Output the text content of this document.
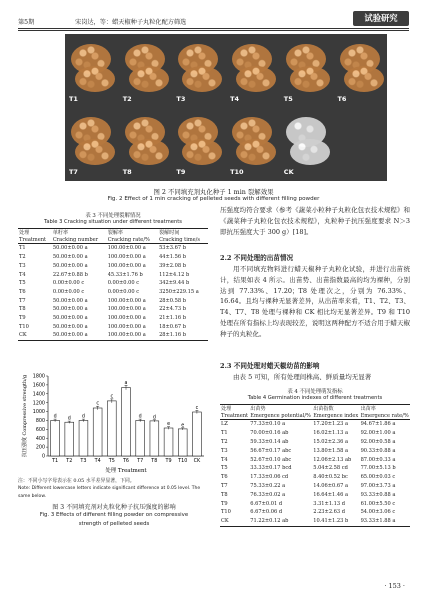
第5期	宋岗达，等：蜡天椒种子丸粒化配方筛选	试验研究
T1	T2	T3	T4	T5	T6
T7	T8	T9	T10	CK
图 2 不同填充剂丸化种子 1 min 裂解效果
Fig. 2 Effect of 1 min cracking of pelleted seeds with different filling powder
表 3 不同处理裂解情况
Table 3 Cracking situation under different treatments
处理	单籽率	裂解率	裂解时间
Treatment	Cracking number	Cracking rate/%	Cracking time/s
T1	50.00±0.00 a	100.00±0.00 a	53±3.67 b
T2	50.00±0.00 a	100.00±0.00 a	44±1.56 b
T3	50.00±0.00 a	100.00±0.00 a	39±2.08 b
T4	22.67±0.88 b	45.33±1.76 b	112±4.12 b
T5	0.00±0.00 c	0.00±0.00 c	342±9.44 b
T6	0.00±0.00 c	0.00±0.00 c	3250±229.15 a
T7	50.00±0.00 a	100.00±0.00 a	28±0.58 b
T8	50.00±0.00 a	100.00±0.00 a	22±4.73 b
T9	50.00±0.00 a	100.00±0.00 a	21±1.16 b
T10	50.00±0.00 a	100.00±0.00 a	18±0.67 b
CK	50.00±0.00 a	100.00±0.00 a	28±1.16 b
0
200
400
600
800
1000
1200
1400
1600
1800
d
T1
d
T2
d
T3
c
T4
c
T5
a
T6
d
T7
d
T8
e
T9
e
T10
c
CK
处理 Treatment
抗压强度 Compressive strength/g
注：不同小写字母表示在 0.05 水平差异显著，下同。
Note: Different lowercase letters indicate significant difference at 0.05 level. The same below.
图 3 不同填充剂对丸粒化种子抗压强度的影响
Fig. 3 Effects of different filling powder on compressive
strength of pelleted seeds
压强度均符合要求（参考《蔬菜小粒种子丸粒化包衣技术规程》和《蔬菜种子丸粒化包衣技术规程》，丸粒种子抗压强度要求 N＞3 即抗压强度大于 300 g）[18]。
2.2 不同处理的出苗情况
用不同填充物料进行蜡天椒种子丸粒化试验，并进行出苗统计，结果如表 4 所示。出苗势、出苗指数最高的均为裸种，分别达到 77.33%、17.20；T8 处理次之，分别为 76.33%、16.64。且均与裸种无显著差异，从出苗率来看，T1、T2、T3、T4、T7、T8 处理与裸种和 CK 相比均无显著差异。T9 和 T10 处理在所有指标上均表现较差，说明这两种配方不适合用于蜡天椒种子的丸粒化。
2.3 不同处理对蜡天椒幼苗的影响
由表 5 可知，所有处理间株高、鲜质量均无显著
表 4 不同处理萌发指标
Table 4 Germination indexes of different treatments
处理	出苗势	出苗指数	出苗率
Treatment	Emergence potential/%	Emergence index	Emergence rate/%
LZ	77.33±0.10 a	17.20±1.23 a	94.67±1.86 a
T1	70.00±0.16 ab	16.02±1.13 a	92.00±1.00 a
T2	59.33±0.14 ab	15.02±2.36 a	92.00±0.58 a
T3	56.67±0.17 abc	13.80±1.58 a	90.33±0.88 a
T4	52.67±0.10 abc	12.06±2.13 ab	87.00±0.33 a
T5	33.33±0.17 bcd	5.04±2.58 cd	77.00±5.13 b
T6	17.33±0.06 cd	8.40±0.52 bc	65.00±0.03 c
T7	75.33±0.22 a	14.06±0.67 a	97.00±3.73 a
T8	76.33±0.02 a	16.64±1.46 a	93.33±0.88 a
T9	6.67±0.01 d	3.31±1.13 d	61.00±5.50 c
T10	6.67±0.06 d	2.23±2.63 d	54.00±3.06 c
CK	71.22±0.12 ab	10.41±1.23 b	93.33±1.88 a
· 153 ·
